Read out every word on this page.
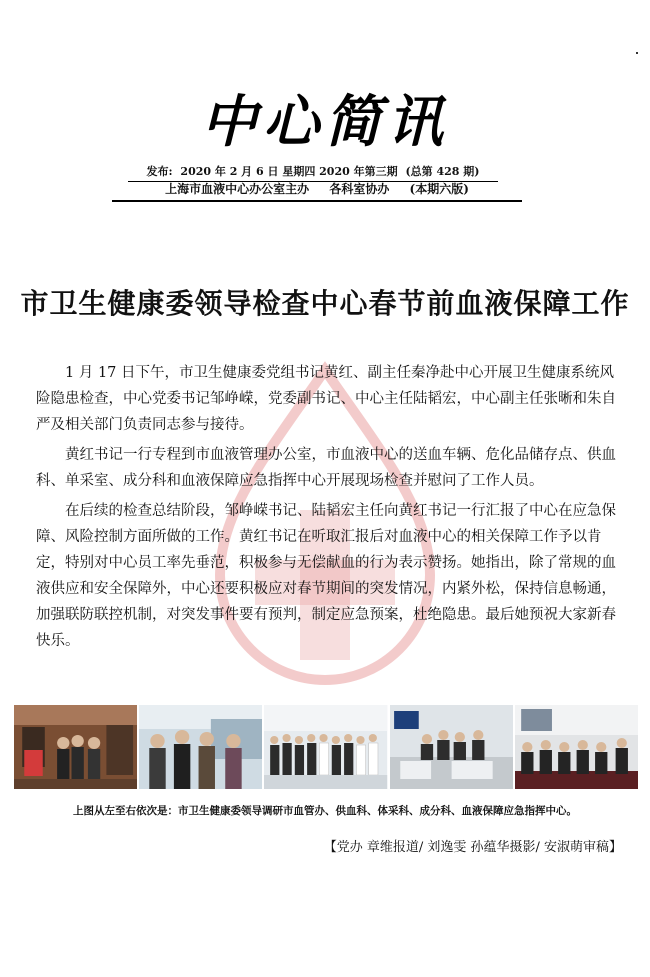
中心简讯
发布: 2020 年 2 月 6 日 星期四 2020 年第三期 (总第 428 期)
上海市血液中心办公室主办 各科室协办 (本期六版)
市卫生健康委领导检查中心春节前血液保障工作

1 月 17 日下午，市卫生健康委党组书记黄红、副主任秦净赴中心开展卫生健康系统风险隐患检查，中心党委书记邹峥嵘，党委副书记、中心主任陆韬宏，中心副主任张晰和朱自严及相关部门负责同志参与接待。

黄红书记一行专程到市血液管理办公室，市血液中心的送血车辆、危化品储存点、供血科、单采室、成分科和血液保障应急指挥中心开展现场检查并慰问了工作人员。

在后续的检查总结阶段，邹峥嵘书记、陆韬宏主任向黄红书记一行汇报了中心在应急保障、风险控制方面所做的工作。黄红书记在听取汇报后对血液中心的相关保障工作予以肯定，特别对中心员工率先垂范，积极参与无偿献血的行为表示赞扬。她指出，除了常规的血液供应和安全保障外，中心还要积极应对春节期间的突发情况，内紧外松，保持信息畅通，加强联防联控机制，对突发事件要有预判，制定应急预案，杜绝隐患。最后她预祝大家新春快乐。

上图从左至右依次是：市卫生健康委领导调研市血管办、供血科、体采科、成分科、血液保障应急指挥中心。
【党办 章维报道/ 刘逸雯 孙蕴华摄影/ 安淑萌审稿】
